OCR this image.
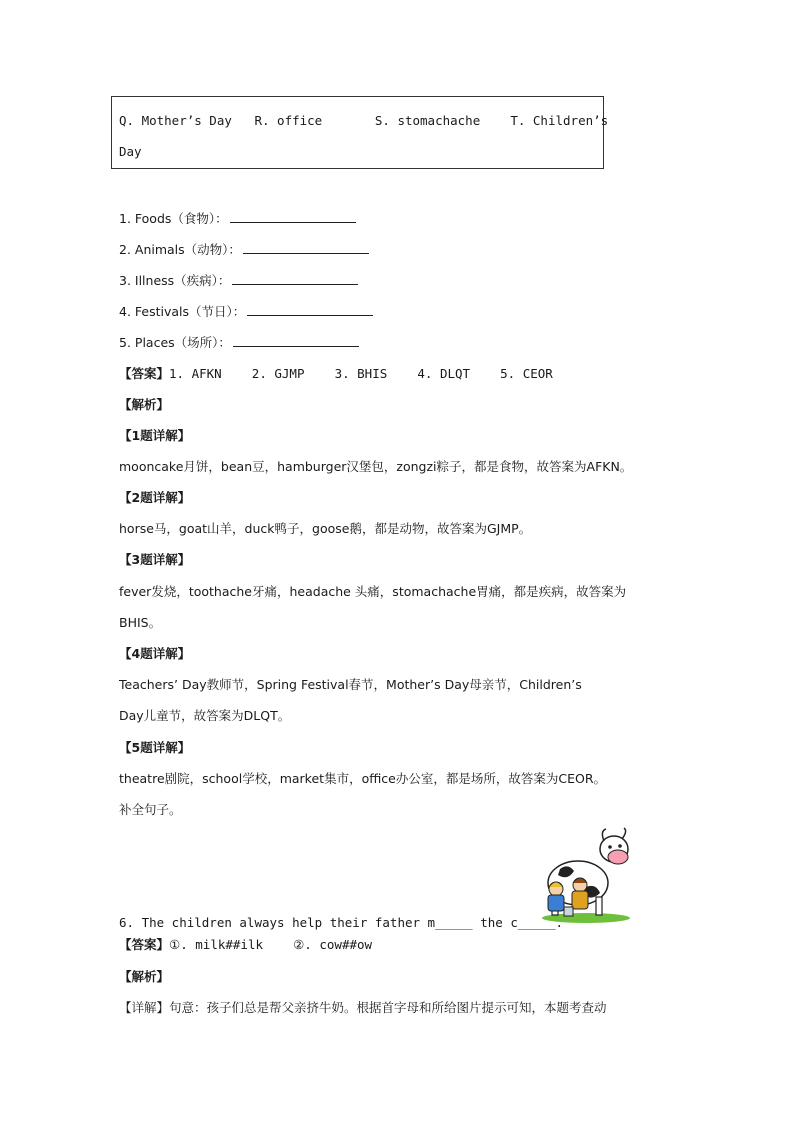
Q. Mother’s Day   R. office       S. stomachache    T. Children’s
Day
1. Foods（食物）：
2. Animals（动物）：
3. Illness（疾病）：
4. Festivals（节日）：
5. Places（场所）：
【答案】1. AFKN    2. GJMP    3. BHIS    4. DLQT    5. CEOR
【解析】
【1题详解】
mooncake月饼，bean豆，hamburger汉堡包，zongzi粽子，都是食物，故答案为AFKN。
【2题详解】
horse马，goat山羊，duck鸭子，goose鹅，都是动物，故答案为GJMP。
【3题详解】
fever发烧，toothache牙痛，headache 头痛，stomachache胃痛，都是疾病，故答案为
BHIS。
【4题详解】
Teachers’ Day教师节，Spring Festival春节，Mother’s Day母亲节，Children’s
Day儿童节，故答案为DLQT。
【5题详解】
theatre剧院，school学校，market集市，office办公室，都是场所，故答案为CEOR。
补全句子。
6. The children always help their father m_____ the c_____.
【答案】①. milk##ilk    ②. cow##ow
【解析】
【详解】句意：孩子们总是帮父亲挤牛奶。根据首字母和所给图片提示可知，本题考查动
